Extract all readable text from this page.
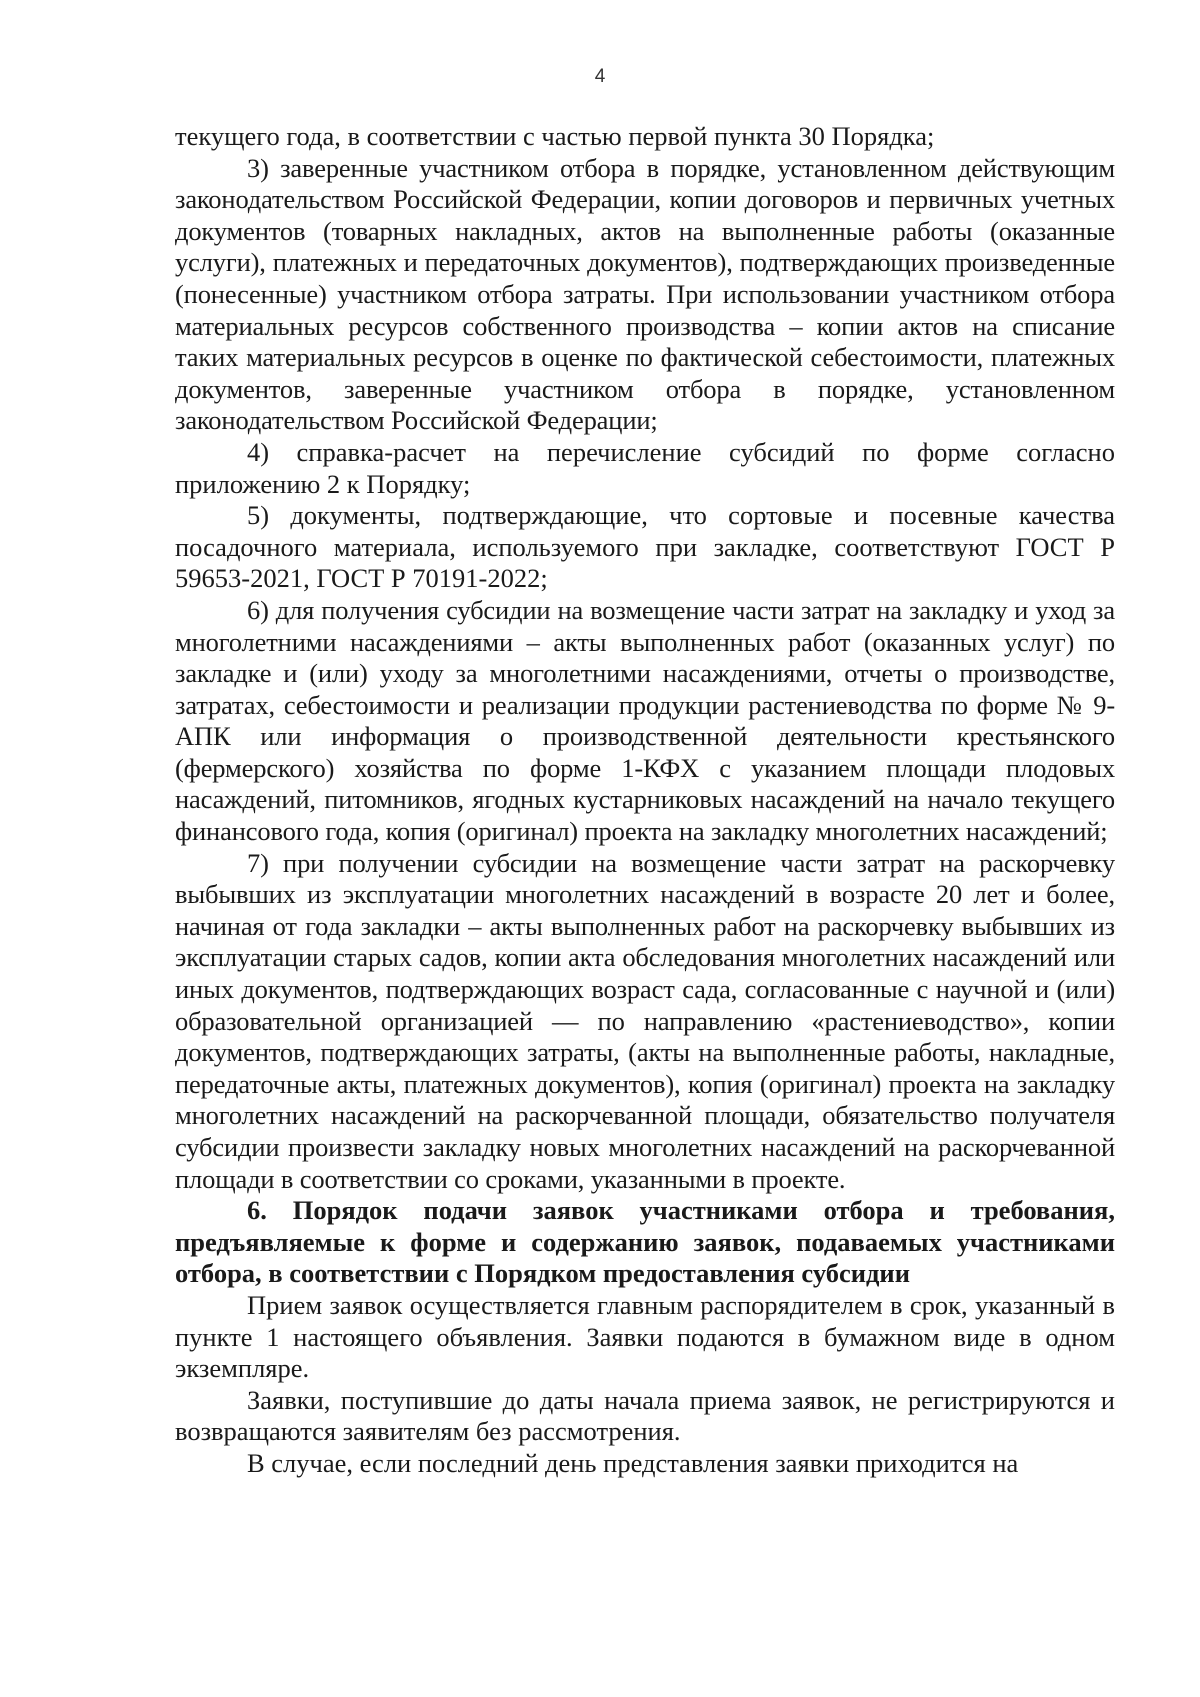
4

текущего года, в соответствии с частью первой пункта 30 Порядка;

3) заверенные участником отбора в порядке, установленном действующим законодательством Российской Федерации, копии договоров и первичных учетных документов (товарных накладных, актов на выполненные работы (оказанные услуги), платежных и передаточных документов), подтверждающих произведенные (понесенные) участником отбора затраты. При использовании участником отбора материальных ресурсов собственного производства – копии актов на списание таких материальных ресурсов в оценке по фактической себестоимости, платежных документов, заверенные участником отбора в порядке, установленном законодательством Российской Федерации;

4) справка-расчет на перечисление субсидий по форме согласно приложению 2 к Порядку;

5) документы, подтверждающие, что сортовые и посевные качества посадочного материала, используемого при закладке, соответствуют ГОСТ Р 59653-2021, ГОСТ Р 70191-2022;

6) для получения субсидии на возмещение части затрат на закладку и уход за многолетними насаждениями – акты выполненных работ (оказанных услуг) по закладке и (или) уходу за многолетними насаждениями, отчеты о производстве, затратах, себестоимости и реализации продукции растениеводства по форме № 9-АПК или информация о производственной деятельности крестьянского (фермерского) хозяйства по форме 1-КФХ с указанием площади плодовых насаждений, питомников, ягодных кустарниковых насаждений на начало текущего финансового года, копия (оригинал) проекта на закладку многолетних насаждений;

7) при получении субсидии на возмещение части затрат на раскорчевку выбывших из эксплуатации многолетних насаждений в возрасте 20 лет и более, начиная от года закладки – акты выполненных работ на раскорчевку выбывших из эксплуатации старых садов, копии акта обследования многолетних насаждений или иных документов, подтверждающих возраст сада, согласованные с научной и (или) образовательной организацией — по направлению «растениеводство», копии документов, подтверждающих затраты, (акты на выполненные работы, накладные, передаточные акты, платежных документов), копия (оригинал) проекта на закладку многолетних насаждений на раскорчеванной площади, обязательство получателя субсидии произвести закладку новых многолетних насаждений на раскорчеванной площади в соответствии со сроками, указанными в проекте.

6. Порядок подачи заявок участниками отбора и требования, предъявляемые к форме и содержанию заявок, подаваемых участниками отбора, в соответствии с Порядком предоставления субсидии

Прием заявок осуществляется главным распорядителем в срок, указанный в пункте 1 настоящего объявления. Заявки подаются в бумажном виде в одном экземпляре.

Заявки, поступившие до даты начала приема заявок, не регистрируются и возвращаются заявителям без рассмотрения.

В случае, если последний день представления заявки приходится на
